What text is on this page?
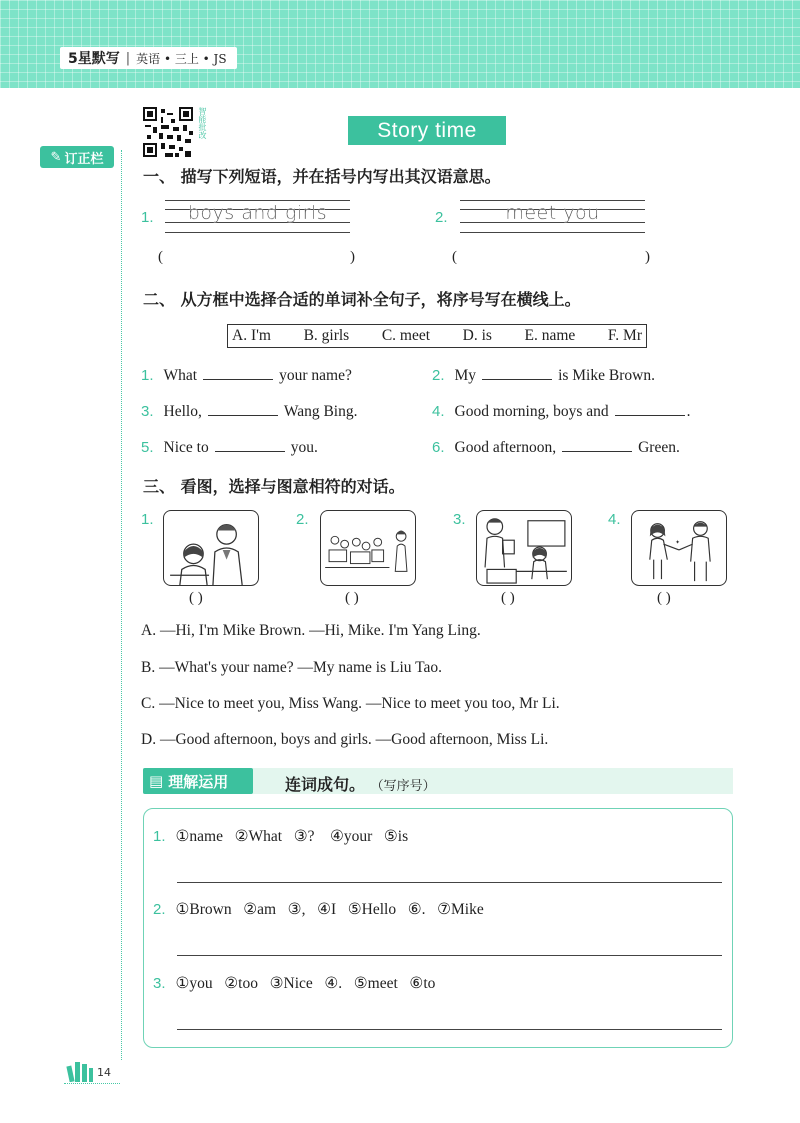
5星默写 | 英语 • 三上 • JS
✎ 订正栏
智能批改	Story time
一、 描写下列短语，并在括号内写出其汉语意思。
1.	boys and girls
(	)
2.	meet you
(	)
二、 从方框中选择合适的单词补全句子，将序号写在横线上。
A. I'm B. girls C. meet D. is E. name F. Mr
1. What	your name?	2. My	is Mike Brown.
3. Hello,	Wang Bing.	4. Good morning, boys and	.
5. Nice to	you.	6. Good afternoon,	Green.
三、 看图，选择与图意相符的对话。
1.
( )
2.
( )
3.
( )
4.
✦
( )
A. —Hi, I'm Mike Brown. —Hi, Mike. I'm Yang Ling.
B. —What's your name? —My name is Liu Tao.
C. —Nice to meet you, Miss Wang. —Nice to meet you too, Mr Li.
D. —Good afternoon, boys and girls. —Good afternoon, Miss Li.
▤ 理解运用	连词成句。 （写序号）
1. ①name   ②What   ③?    ④your   ⑤is
2. ①Brown   ②am   ③,   ④I   ⑤Hello   ⑥.   ⑦Mike
3. ①you   ②too   ③Nice   ④.   ⑤meet   ⑥to
14
